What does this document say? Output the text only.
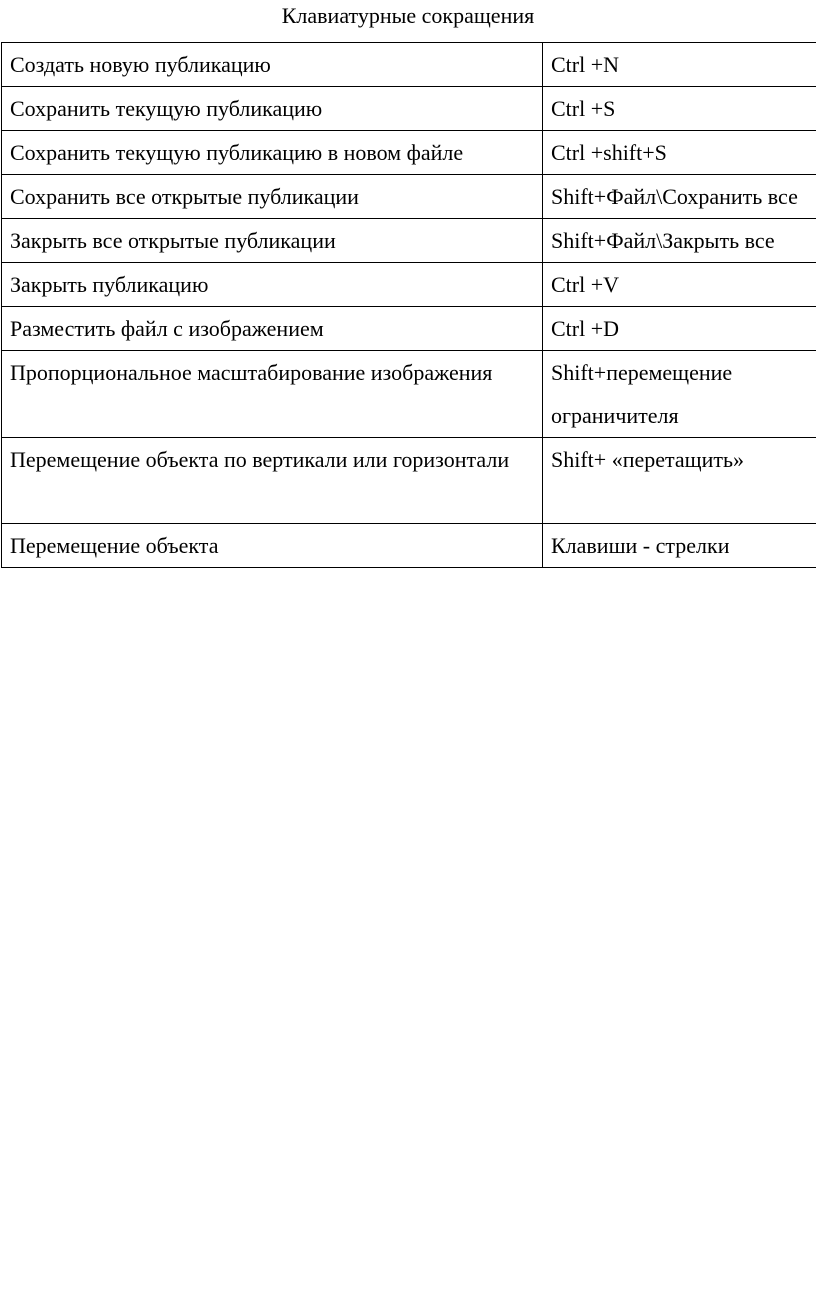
Клавиатурные сокращения
Создать новую публикацию	Ctrl +N

Сохранить текущую публикацию	Ctrl +S

Сохранить текущую публикацию в новом файле	Ctrl +shift+S

Сохранить все открытые публикации	Shift+Файл\Сохранить все

Закрыть все открытые публикации	Shift+Файл\Закрыть все

Закрыть публикацию	Ctrl +V

Разместить файл с изображением	Ctrl +D

Пропорциональное масштабирование изображения	Shift+перемещение ограничителя

Перемещение объекта по вертикали или горизонтали	Shift+ «перетащить»

Перемещение объекта	Клавиши - стрелки
